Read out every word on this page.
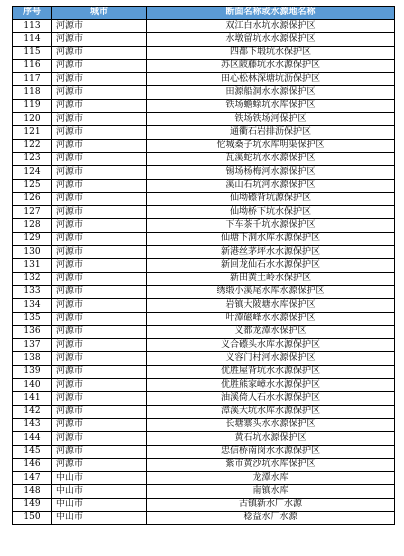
序号	城市	断面名称或水源地名称
113	河源市	双江白水坑水源保护区
114	河源市	水墩留坑水水源保护区
115	河源市	四都下塅坑水保护区
116	河源市	苏区陂藤坑水水源保护区
117	河源市	田心松林深塘坑沥保护区
118	河源市	田源船洞水水源保护区
119	河源市	铁场蟾蜍坑水库保护区
120	河源市	铁场铁场河保护区
121	河源市	通衢石岩排沥保护区
122	河源市	佗城桑子坑水库明渠保护区
123	河源市	瓦溪蛇坑水水源保护区
124	河源市	锡场杨梅河水源保护区
125	河源市	溪山石坑河水源保护区
126	河源市	仙坳礤背坑源保护区
127	河源市	仙坳桥下坑水保护区
128	河源市	下车茶千坑水源保护区
129	河源市	仙塘下洞水库水源保护区
130	河源市	新港丝茅坪水水源保护区
131	河源市	新回龙仙石水水源保护区
132	河源市	新田黄土岭水保护区
133	河源市	绣缎小溪尾水库水源保护区
134	河源市	岩镇大陂塘水库保护区
135	河源市	叶潭磁峰水水源保护区
136	河源市	义都龙潭水保护区
137	河源市	义合礤头水库水源保护区
138	河源市	义容门村河水源保护区
139	河源市	优胜屋背坑水水源保护区
140	河源市	优胜熊家嶂水水源保护区
141	河源市	油溪倚人石水水源保护区
142	河源市	漳溪大坑水库水源保护区
143	河源市	长塘寨头水水源保护区
144	河源市	黄石坑水源保护区
145	河源市	忠信桥南岗水水源保护区
146	河源市	紫市黄沙坑水库保护区
147	中山市	龙潭水库
148	中山市	南镇水库
149	中山市	古镇新水厂水源
150	中山市	稔益水厂水源
